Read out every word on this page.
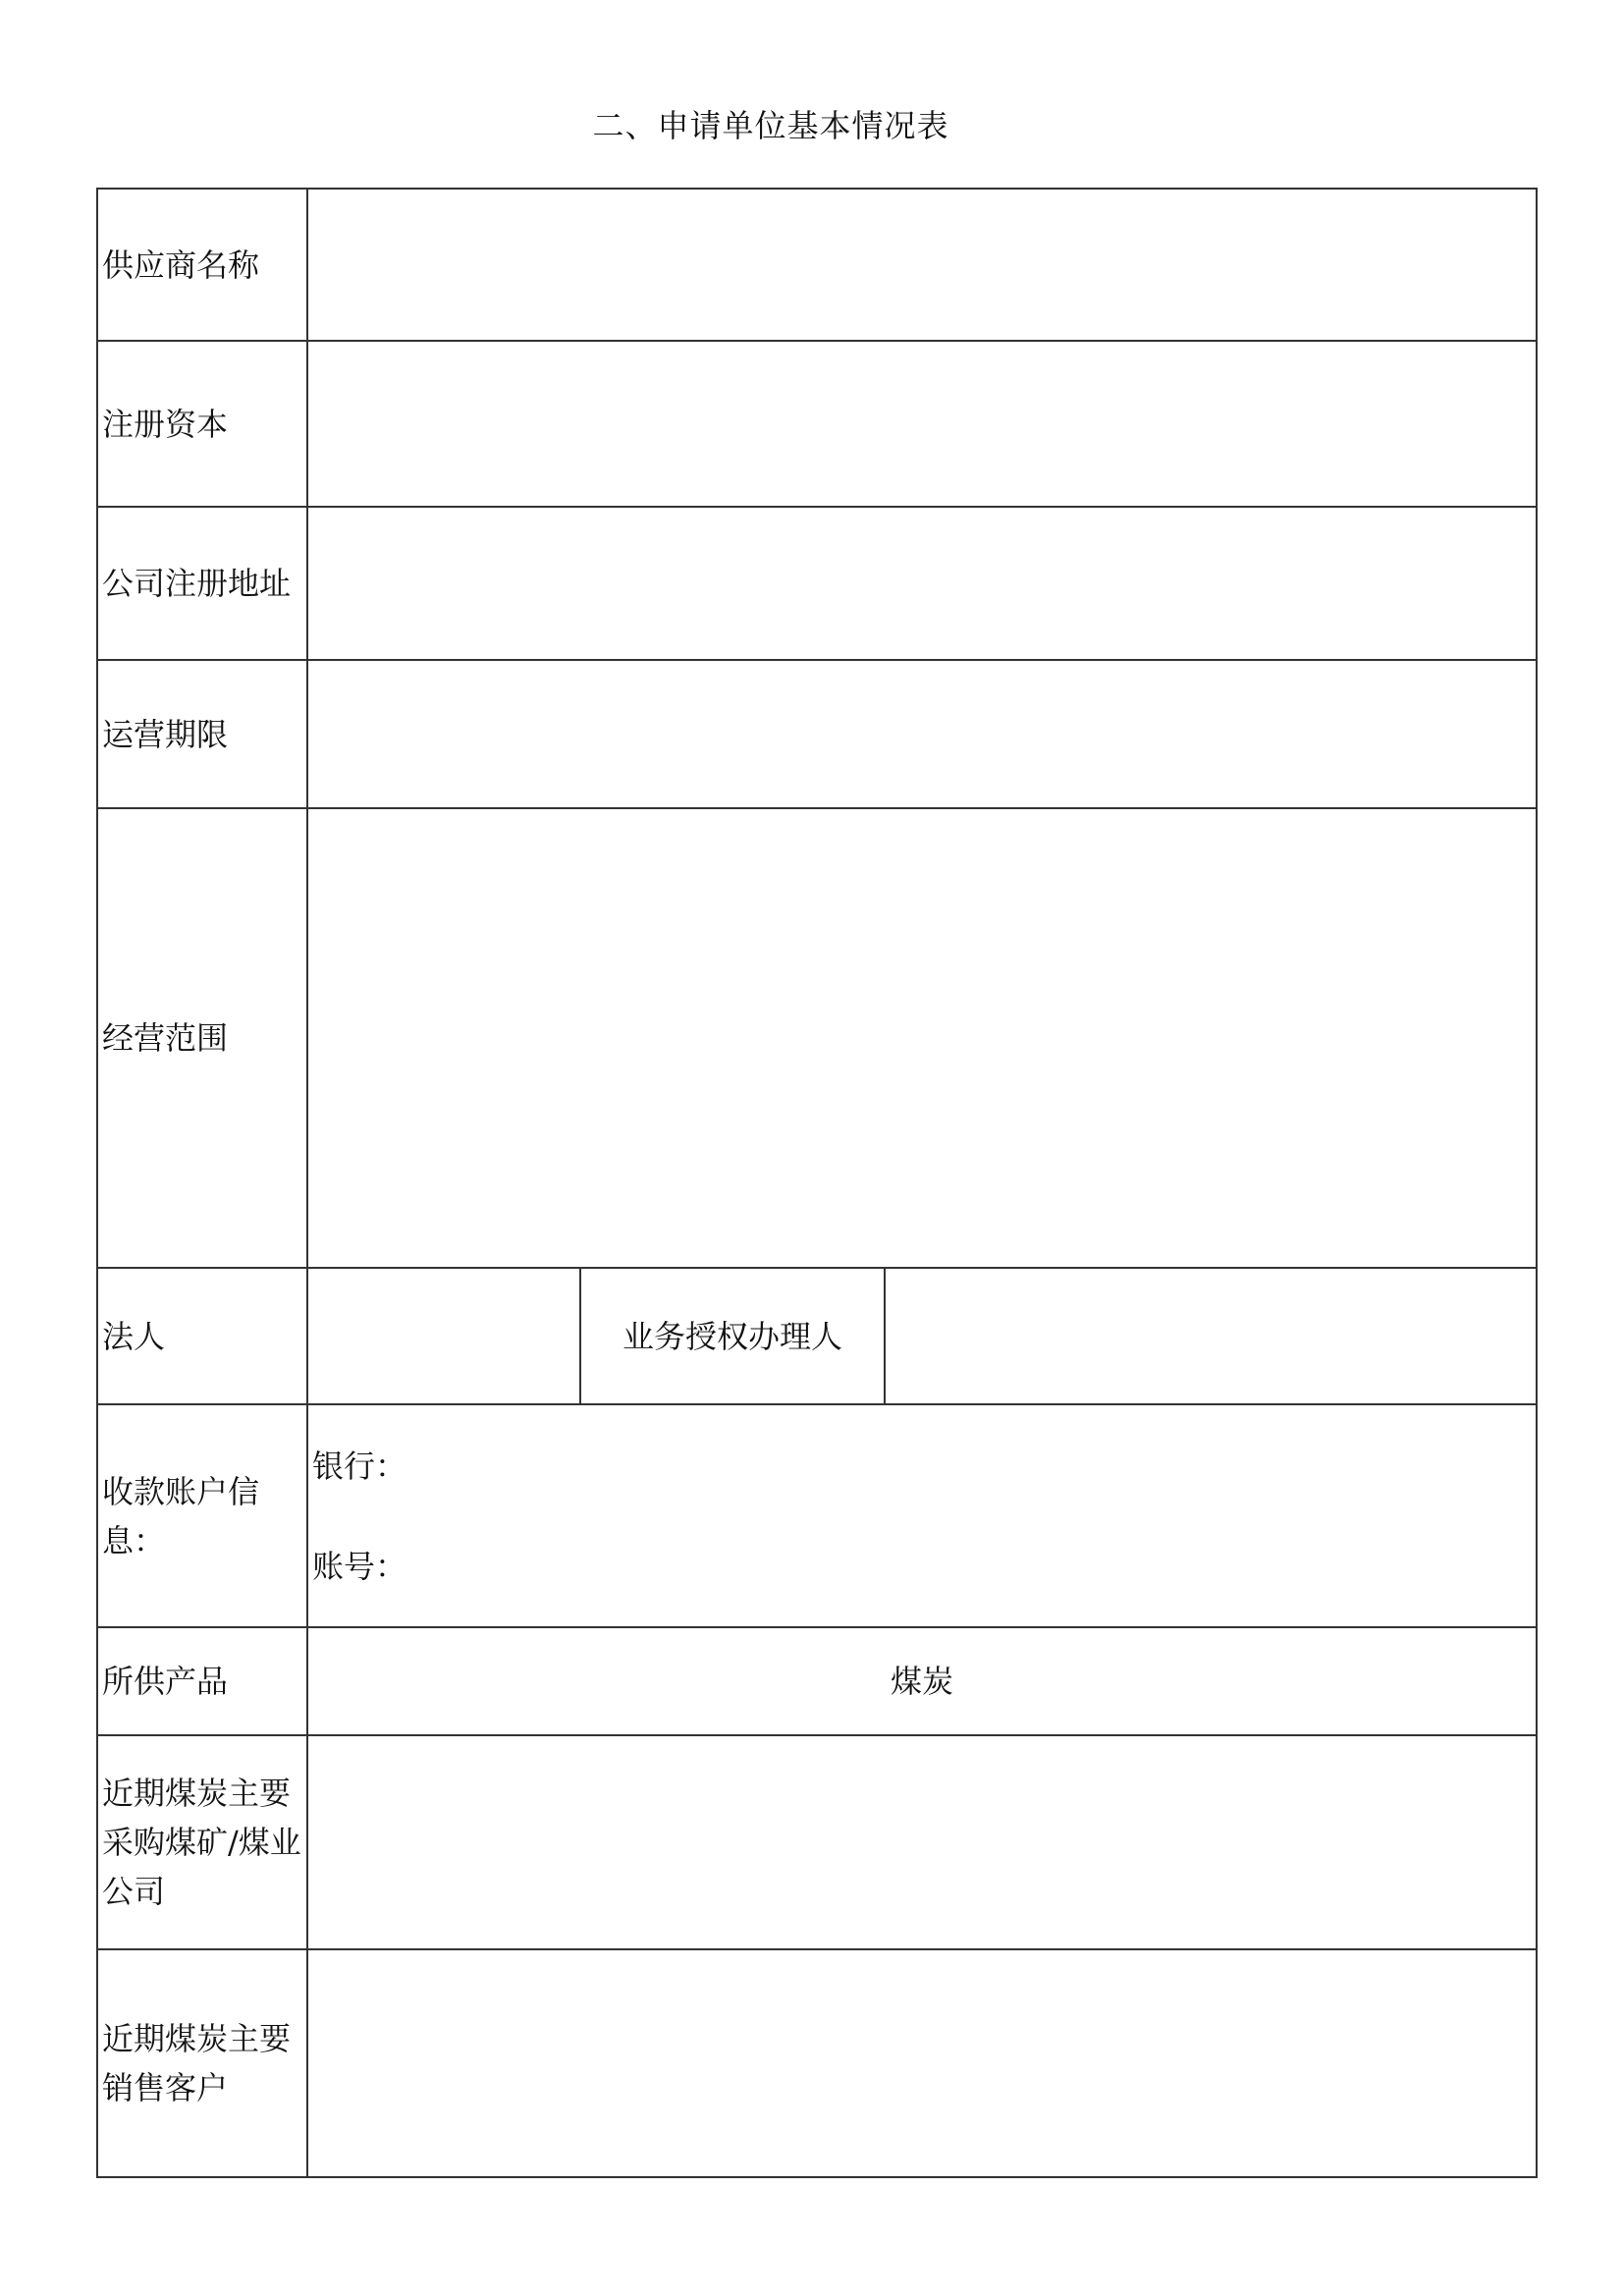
二、申请单位基本情况表
供应商名称			
注册资本			
公司注册地址			
运营期限			
经营范围			
法人		业务授权办理人	
收款账户信息：	银行：
账号：		

所供产品	煤炭		
近期煤炭主要采购煤矿/煤业公司			
近期煤炭主要销售客户			
